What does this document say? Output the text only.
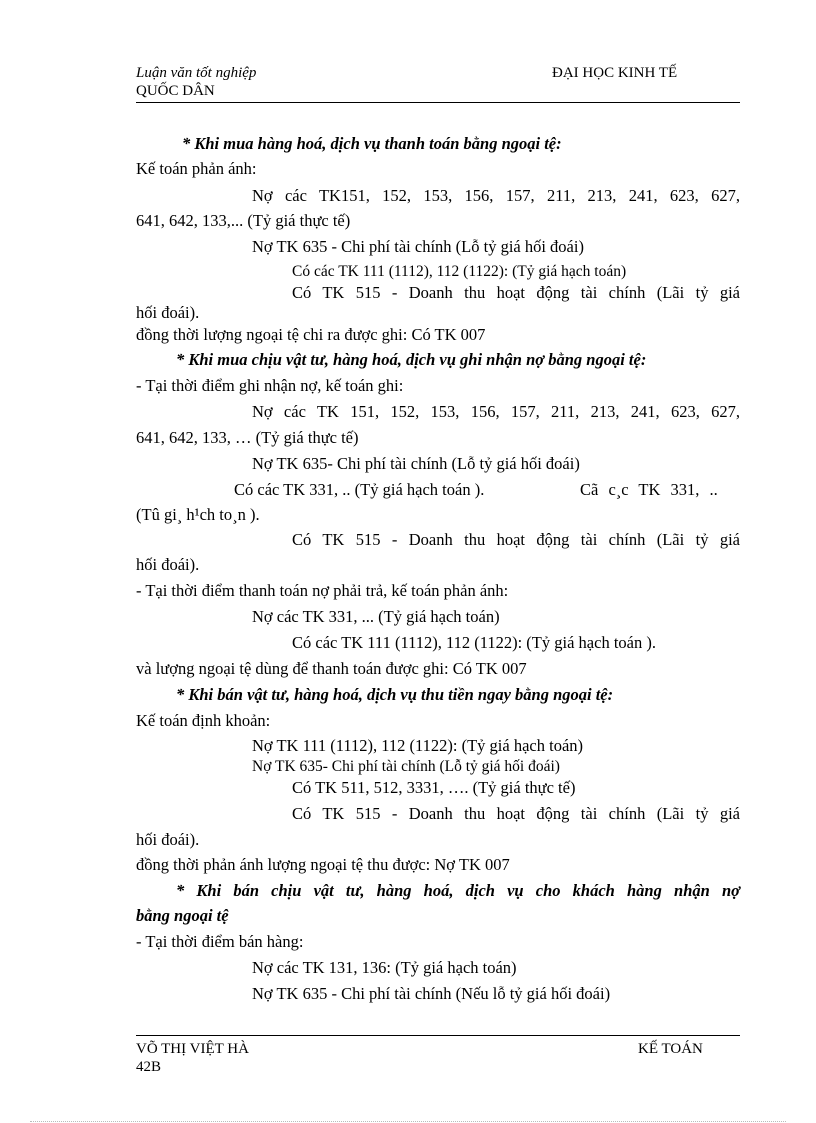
Luận văn tốt nghiệp
QUỐC DÂN
ĐẠI HỌC KINH TẾ
* Khi mua hàng hoá, dịch vụ thanh toán bằng ngoại tệ:
Kế toán phản ánh:
Nợ các TK151, 152, 153, 156, 157, 211, 213, 241, 623, 627,
641, 642, 133,... (Tỷ giá thực tế)
Nợ TK 635 - Chi phí tài chính (Lỗ tỷ giá hối đoái)
Có các TK 111 (1112), 112 (1122): (Tỷ giá hạch toán)
Có TK 515 - Doanh thu hoạt động tài chính (Lãi tỷ giá
hối đoái).
đồng thời lượng ngoại tệ chi ra được ghi: Có TK 007
* Khi mua chịu vật tư, hàng hoá, dịch vụ ghi nhận nợ bằng ngoại tệ:
- Tại thời điểm ghi nhận nợ, kế toán ghi:
Nợ các TK 151, 152, 153, 156, 157, 211, 213, 241, 623, 627,
641, 642, 133, … (Tỷ giá thực tế)
Nợ TK 635- Chi phí tài chính (Lỗ tỷ giá hối đoái)
Có các TK 331, .. (Tỷ giá hạch toán ).	Cã c¸c TK 331, ..
(Tû gi¸ h¹ch to¸n ).
Có TK 515 - Doanh thu hoạt động tài chính (Lãi tỷ giá
hối đoái).
- Tại thời điểm thanh toán nợ phải trả, kế toán phản ánh:
Nợ các TK 331, ... (Tỷ giá hạch toán)
Có các TK 111 (1112), 112 (1122): (Tỷ giá hạch toán ).
và lượng ngoại tệ dùng để thanh toán được ghi: Có TK 007
* Khi bán vật tư, hàng hoá, dịch vụ thu tiền ngay bằng ngoại tệ:
Kế toán định khoản:
Nợ TK 111 (1112), 112 (1122): (Tỷ giá hạch toán)
Nợ TK 635- Chi phí tài chính (Lỗ tỷ giá hối đoái)
Có TK 511, 512, 3331, …. (Tỷ giá thực tế)
Có TK 515 - Doanh thu hoạt động tài chính (Lãi tỷ giá
hối đoái).
đồng thời phản ánh lượng ngoại tệ thu được: Nợ TK 007
* Khi bán chịu vật tư, hàng hoá, dịch vụ cho khách hàng nhận nợ
bằng ngoại tệ
- Tại thời điểm bán hàng:
Nợ các TK 131, 136: (Tỷ giá hạch toán)
Nợ TK 635 - Chi phí tài chính (Nếu lỗ tỷ giá hối đoái)
VÕ THỊ VIỆT HÀ
42B
KẾ TOÁN
